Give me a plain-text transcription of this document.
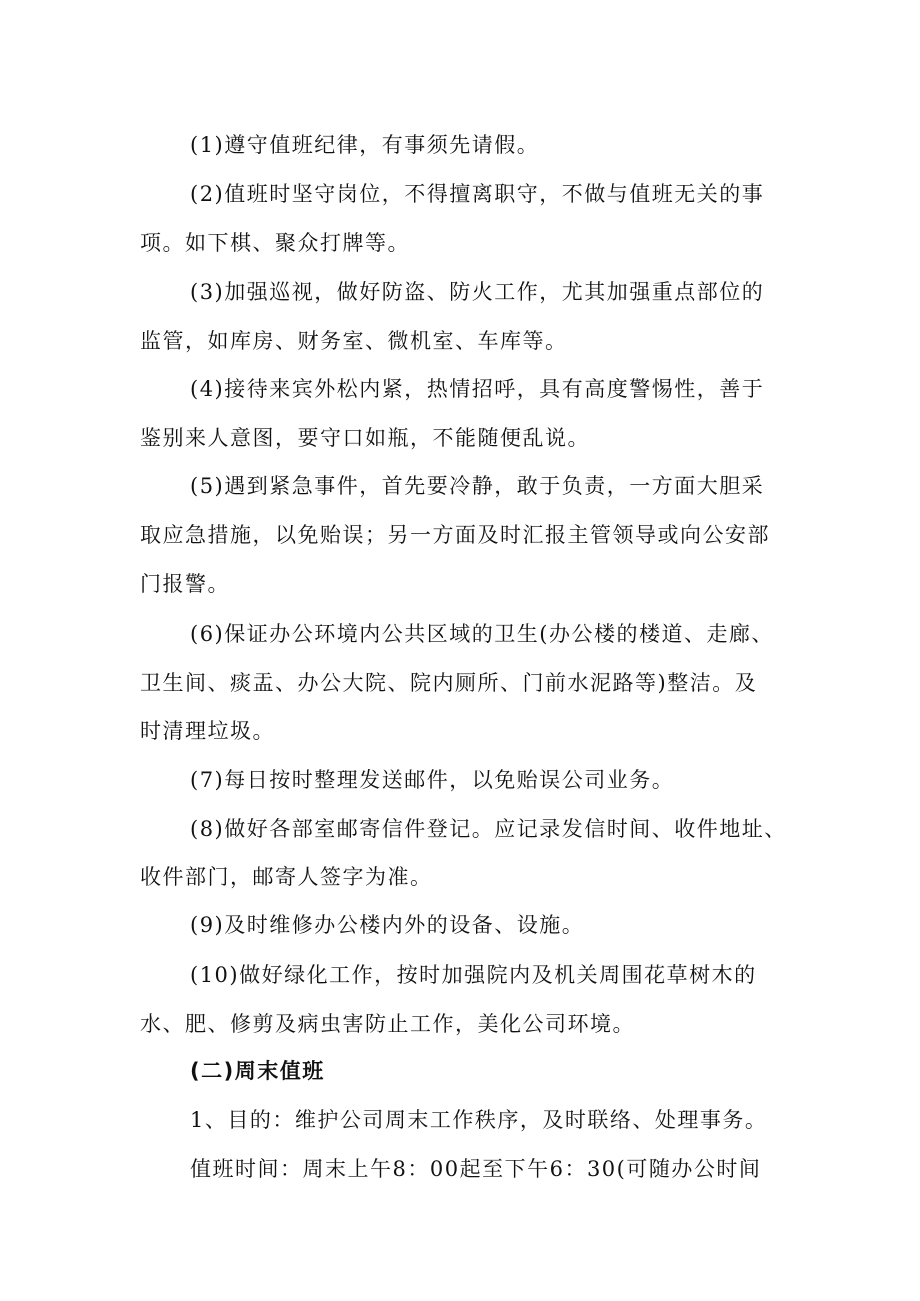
(1)遵守值班纪律，有事须先请假。
(2)值班时坚守岗位，不得擅离职守，不做与值班无关的事
项。如下棋、聚众打牌等。
(3)加强巡视，做好防盗、防火工作，尤其加强重点部位的
监管，如库房、财务室、微机室、车库等。
(4)接待来宾外松内紧，热情招呼，具有高度警惕性，善于
鉴别来人意图，要守口如瓶，不能随便乱说。
(5)遇到紧急事件，首先要冷静，敢于负责，一方面大胆采
取应急措施，以免贻误；另一方面及时汇报主管领导或向公安部
门报警。
(6)保证办公环境内公共区域的卫生(办公楼的楼道、走廊、
卫生间、痰盂、办公大院、院内厕所、门前水泥路等)整洁。及
时清理垃圾。
(7)每日按时整理发送邮件，以免贻误公司业务。
(8)做好各部室邮寄信件登记。应记录发信时间、收件地址、
收件部门，邮寄人签字为准。
(9)及时维修办公楼内外的设备、设施。
(10)做好绿化工作，按时加强院内及机关周围花草树木的
水、肥、修剪及病虫害防止工作，美化公司环境。
(二)周末值班
1、目的：维护公司周末工作秩序，及时联络、处理事务。
值班时间：周末上午8：00起至下午6：30(可随办公时间
